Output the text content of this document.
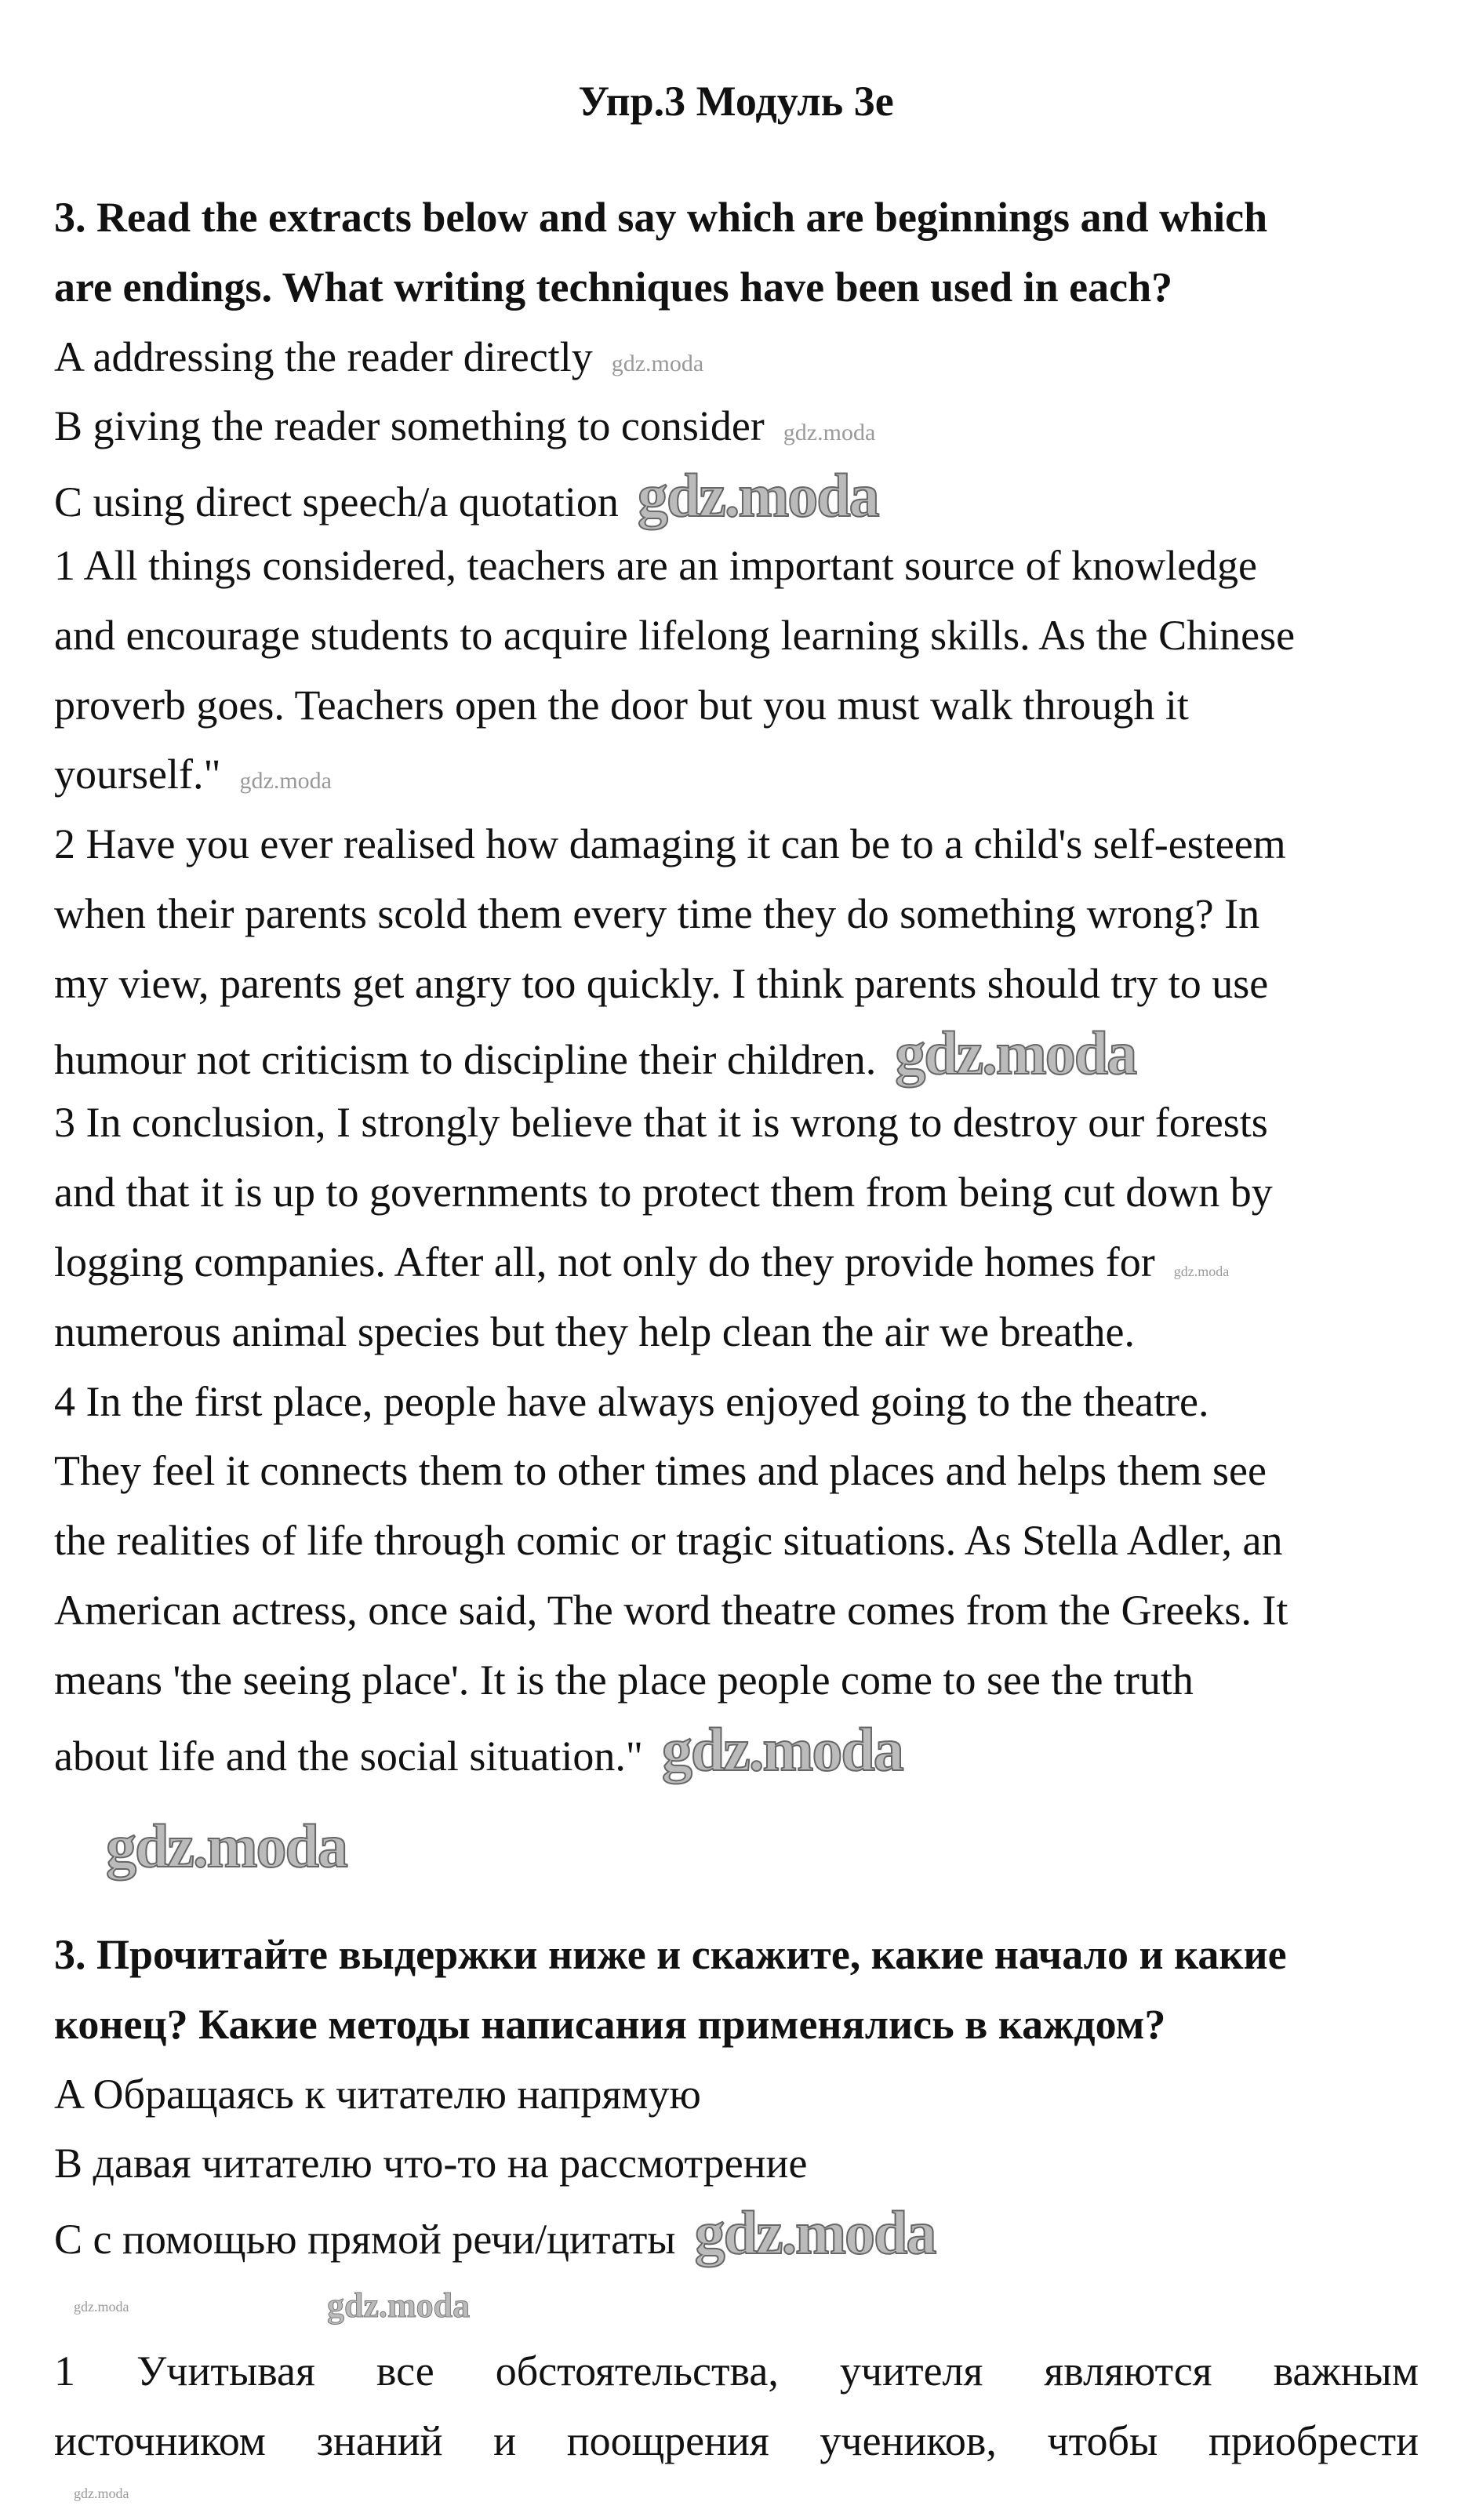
Упр.3 Модуль 3e
3. Read the extracts below and say which are beginnings and which
are endings. What writing techniques have been used in each?
A addressing the reader directly gdz.moda
B giving the reader something to consider gdz.moda
C using direct speech/a quotation gdz.moda
1 All things considered, teachers are an important source of knowledge
and encourage students to acquire lifelong learning skills. As the Chinese
proverb goes. Teachers open the door but you must walk through it
yourself." gdz.moda
2 Have you ever realised how damaging it can be to a child's self-esteem
when their parents scold them every time they do something wrong? In
my view, parents get angry too quickly. I think parents should try to use
humour not criticism to discipline their children. gdz.moda
3 In conclusion, I strongly believe that it is wrong to destroy our forests
and that it is up to governments to protect them from being cut down by
logging companies. After all, not only do they provide homes for gdz.moda
numerous animal species but they help clean the air we breathe.
4 In the first place, people have always enjoyed going to the theatre.
They feel it connects them to other times and places and helps them see
the realities of life through comic or tragic situations. As Stella Adler, an
American actress, once said, The word theatre comes from the Greeks. It
means 'the seeing place'. It is the place people come to see the truth
about life and the social situation." gdz.moda
gdz.moda
3. Прочитайте выдержки ниже и скажите, какие начало и какие
конец? Какие методы написания применялись в каждом?
A Обращаясь к читателю напрямую
B давая читателю что-то на рассмотрение
C с помощью прямой речи/цитаты gdz.moda
gdz.moda	gdz.moda
1 Учитывая все обстоятельства, учителя являются важным
источником знаний и поощрения учеников, чтобы приобрести
gdz.moda
